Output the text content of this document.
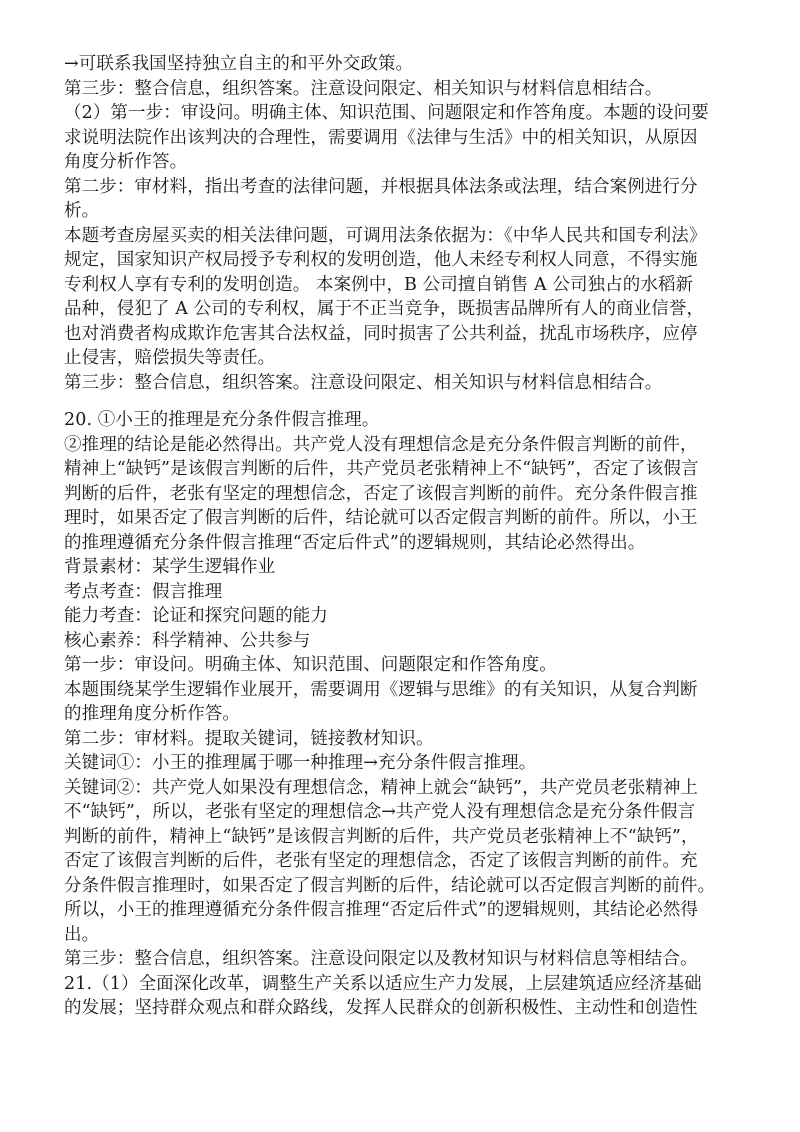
→可联系我国坚持独立自主的和平外交政策。
第三步：整合信息，组织答案。注意设问限定、相关知识与材料信息相结合。
（2）第一步：审设问。明确主体、知识范围、问题限定和作答角度。本题的设问要
求说明法院作出该判决的合理性，需要调用《法律与生活》中的相关知识，从原因
角度分析作答。
第二步：审材料，指出考查的法律问题，并根据具体法条或法理，结合案例进行分
析。
本题考查房屋买卖的相关法律问题，可调用法条依据为：《中华人民共和国专利法》
规定，国家知识产权局授予专利权的发明创造，他人未经专利权人同意，不得实施
专利权人享有专利的发明创造。 本案例中，B 公司擅自销售 A 公司独占的水稻新
品种，侵犯了 A 公司的专利权，属于不正当竞争，既损害品牌所有人的商业信誉，
也对消费者构成欺诈危害其合法权益，同时损害了公共利益，扰乱市场秩序，应停
止侵害，赔偿损失等责任。
第三步：整合信息，组织答案。注意设问限定、相关知识与材料信息相结合。
20. ①小王的推理是充分条件假言推理。
②推理的结论是能必然得出。共产党人没有理想信念是充分条件假言判断的前件，
精神上“缺钙”是该假言判断的后件，共产党员老张精神上不“缺钙”，否定了该假言
判断的后件，老张有坚定的理想信念，否定了该假言判断的前件。充分条件假言推
理时，如果否定了假言判断的后件，结论就可以否定假言判断的前件。所以，小王
的推理遵循充分条件假言推理“否定后件式”的逻辑规则，其结论必然得出。
背景素材：某学生逻辑作业
考点考查：假言推理
能力考查：论证和探究问题的能力
核心素养：科学精神、公共参与
第一步：审设问。明确主体、知识范围、问题限定和作答角度。
本题围绕某学生逻辑作业展开，需要调用《逻辑与思维》的有关知识，从复合判断
的推理角度分析作答。
第二步：审材料。提取关键词，链接教材知识。
关键词①：小王的推理属于哪一种推理→充分条件假言推理。
关键词②：共产党人如果没有理想信念，精神上就会“缺钙”，共产党员老张精神上
不“缺钙”，所以，老张有坚定的理想信念→共产党人没有理想信念是充分条件假言
判断的前件，精神上“缺钙”是该假言判断的后件，共产党员老张精神上不“缺钙”，
否定了该假言判断的后件，老张有坚定的理想信念，否定了该假言判断的前件。充
分条件假言推理时，如果否定了假言判断的后件，结论就可以否定假言判断的前件。
所以，小王的推理遵循充分条件假言推理“否定后件式”的逻辑规则，其结论必然得
出。
第三步：整合信息，组织答案。注意设问限定以及教材知识与材料信息等相结合。
21.（1）全面深化改革，调整生产关系以适应生产力发展，上层建筑适应经济基础
的发展；坚持群众观点和群众路线，发挥人民群众的创新积极性、主动性和创造性
